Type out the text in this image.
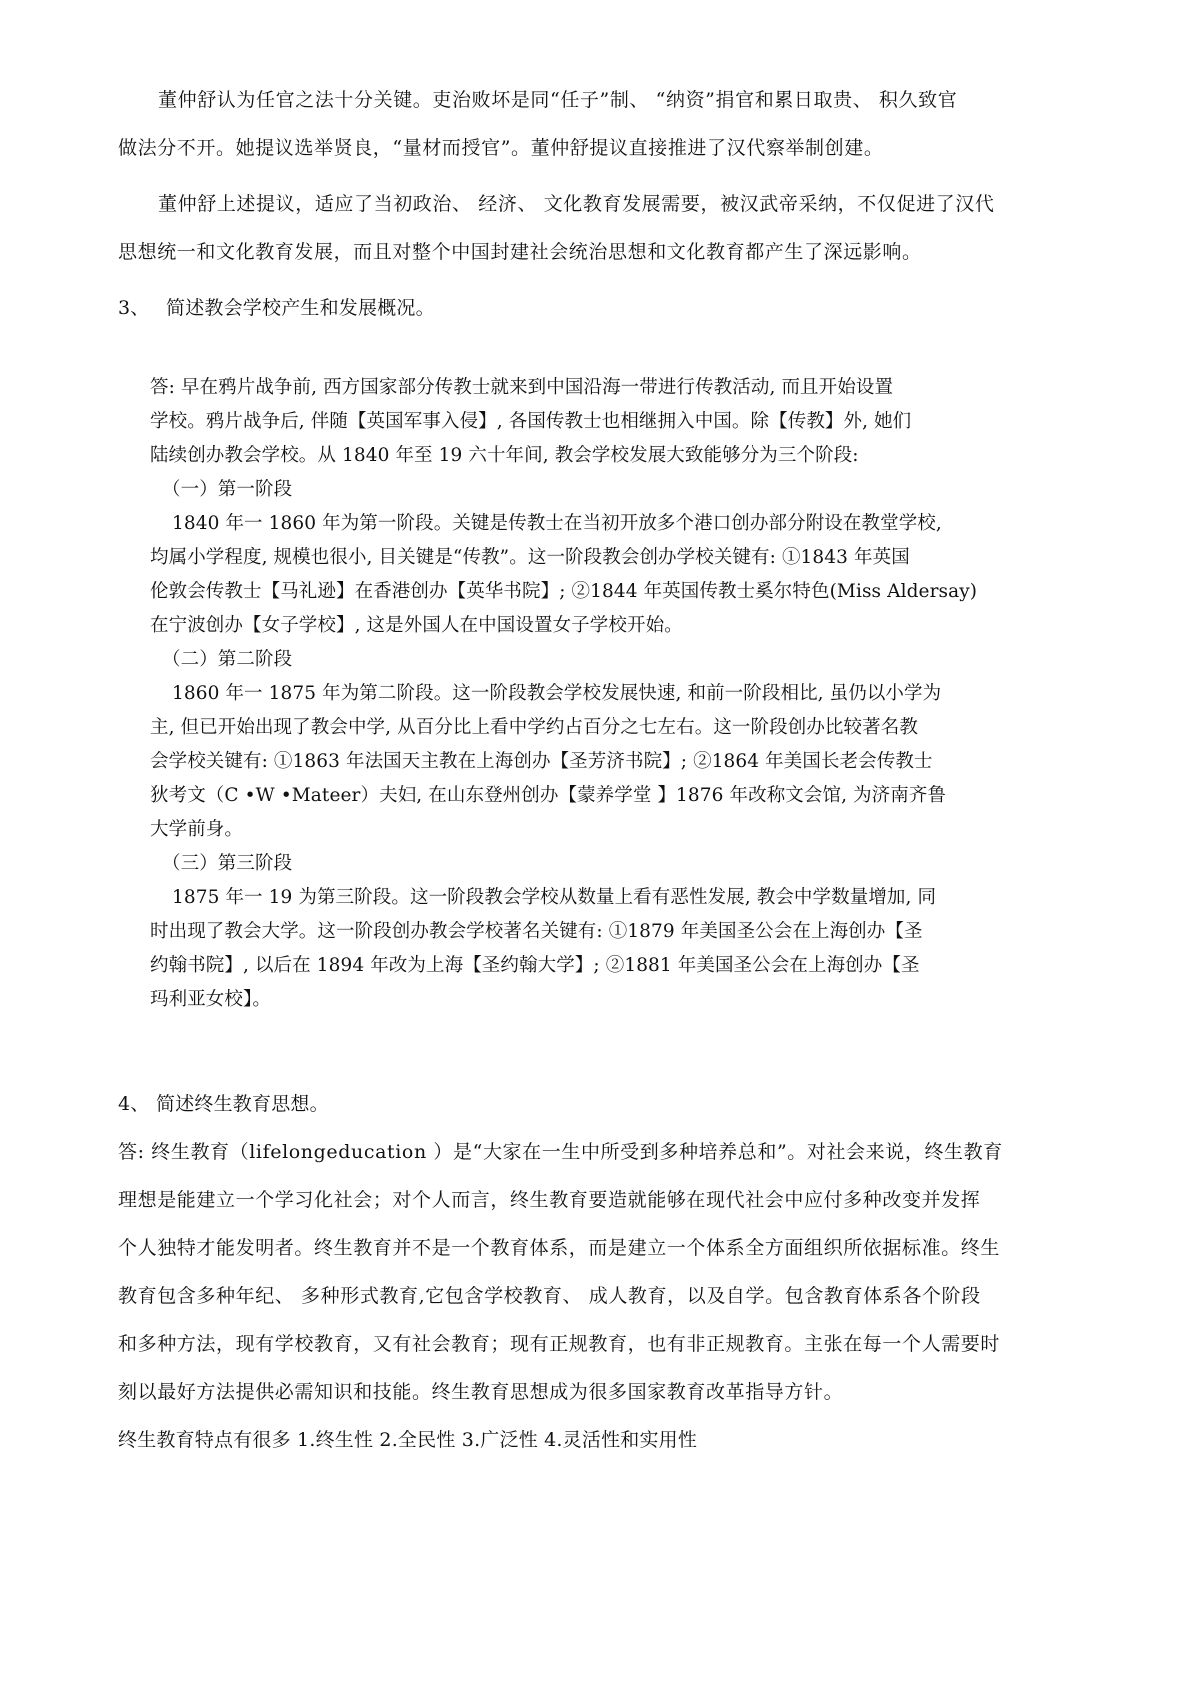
董仲舒认为任官之法十分关键。吏治败坏是同“任子”制、 “纳资”捐官和累日取贵、 积久致官
做法分不开。她提议选举贤良，“量材而授官”。董仲舒提议直接推进了汉代察举制创建。
董仲舒上述提议，适应了当初政治、 经济、 文化教育发展需要，被汉武帝采纳，不仅促进了汉代
思想统一和文化教育发展，而且对整个中国封建社会统治思想和文化教育都产生了深远影响。
3、 简述教会学校产生和发展概况。
答: 早在鸦片战争前, 西方国家部分传教士就来到中国沿海一带进行传教活动, 而且开始设置
学校。鸦片战争后, 伴随【英国军事入侵】, 各国传教士也相继拥入中国。除【传教】外, 她们
陆续创办教会学校。从 1840 年至 19 六十年间, 教会学校发展大致能够分为三个阶段:
（一）第一阶段
1840 年一 1860 年为第一阶段。关键是传教士在当初开放多个港口创办部分附设在教堂学校,
均属小学程度, 规模也很小, 目关键是“传教”。这一阶段教会创办学校关键有: ①1843 年英国
伦敦会传教士【马礼逊】在香港创办【英华书院】; ②1844 年英国传教士奚尔特色(Miss Aldersay)
在宁波创办【女子学校】, 这是外国人在中国设置女子学校开始。
（二）第二阶段
1860 年一 1875 年为第二阶段。这一阶段教会学校发展快速, 和前一阶段相比, 虽仍以小学为
主, 但已开始出现了教会中学, 从百分比上看中学约占百分之七左右。这一阶段创办比较著名教
会学校关键有: ①1863 年法国天主教在上海创办【圣芳济书院】; ②1864 年美国长老会传教士
狄考文（C •W •Mateer）夫妇, 在山东登州创办【蒙养学堂 】1876 年改称文会馆, 为济南齐鲁
大学前身。
（三）第三阶段
1875 年一 19 为第三阶段。这一阶段教会学校从数量上看有恶性发展, 教会中学数量增加, 同
时出现了教会大学。这一阶段创办教会学校著名关键有: ①1879 年美国圣公会在上海创办【圣
约翰书院】, 以后在 1894 年改为上海【圣约翰大学】; ②1881 年美国圣公会在上海创办【圣
玛利亚女校】。
4、 简述终生教育思想。
答: 终生教育（lifelongeducation ）是“大家在一生中所受到多种培养总和”。对社会来说，终生教育
理想是能建立一个学习化社会；对个人而言，终生教育要造就能够在现代社会中应付多种改变并发挥
个人独特才能发明者。终生教育并不是一个教育体系，而是建立一个体系全方面组织所依据标准。终生
教育包含多种年纪、 多种形式教育,它包含学校教育、 成人教育，以及自学。包含教育体系各个阶段
和多种方法，现有学校教育，又有社会教育；现有正规教育，也有非正规教育。主张在每一个人需要时
刻以最好方法提供必需知识和技能。终生教育思想成为很多国家教育改革指导方针。
终生教育特点有很多 1.终生性 2.全民性 3.广泛性 4.灵活性和实用性
